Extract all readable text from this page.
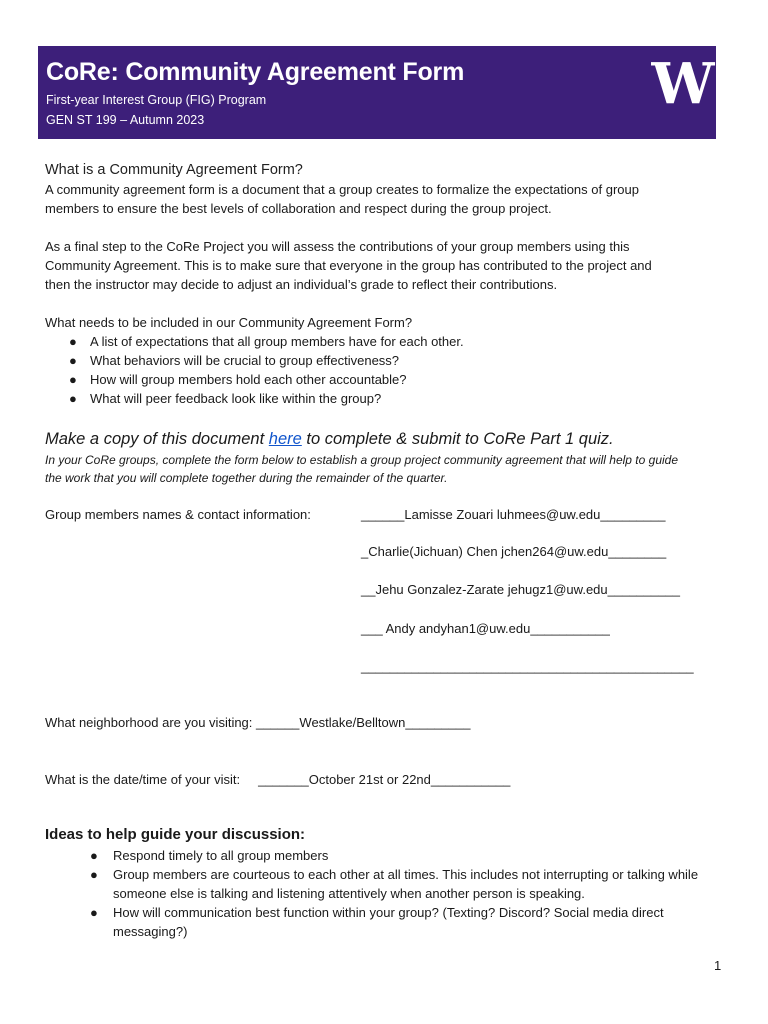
CoRe: Community Agreement Form
First-year Interest Group (FIG) Program
GEN ST 199 – Autumn 2023
W
What is a Community Agreement Form?
A community agreement form is a document that a group creates to formalize the expectations of group
members to ensure the best levels of collaboration and respect during the group project.
As a final step to the CoRe Project you will assess the contributions of your group members using this
Community Agreement. This is to make sure that everyone in the group has contributed to the project and
then the instructor may decide to adjust an individual’s grade to reflect their contributions.
What needs to be included in our Community Agreement Form?
● A list of expectations that all group members have for each other.
● What behaviors will be crucial to group effectiveness?
● How will group members hold each other accountable?
● What will peer feedback look like within the group?
Make a copy of this document here to complete & submit to CoRe Part 1 quiz.
In your CoRe groups, complete the form below to establish a group project community agreement that will help to guide
the work that you will complete together during the remainder of the quarter.
Group members names & contact information:	______Lamisse Zouari luhmees@uw.edu_________
_Charlie(Jichuan) Chen jchen264@uw.edu________
__Jehu Gonzalez-Zarate jehugz1@uw.edu__________
___ Andy andyhan1@uw.edu___________
______________________________________________
What neighborhood are you visiting: ______Westlake/Belltown_________
What is the date/time of your visit: _______October 21st or 22nd___________
Ideas to help guide your discussion:
● Respond timely to all group members
● Group members are courteous to each other at all times. This includes not interrupting or talking while someone else is talking and listening attentively when another person is speaking.
● How will communication best function within your group? (Texting? Discord? Social media direct messaging?)
1
